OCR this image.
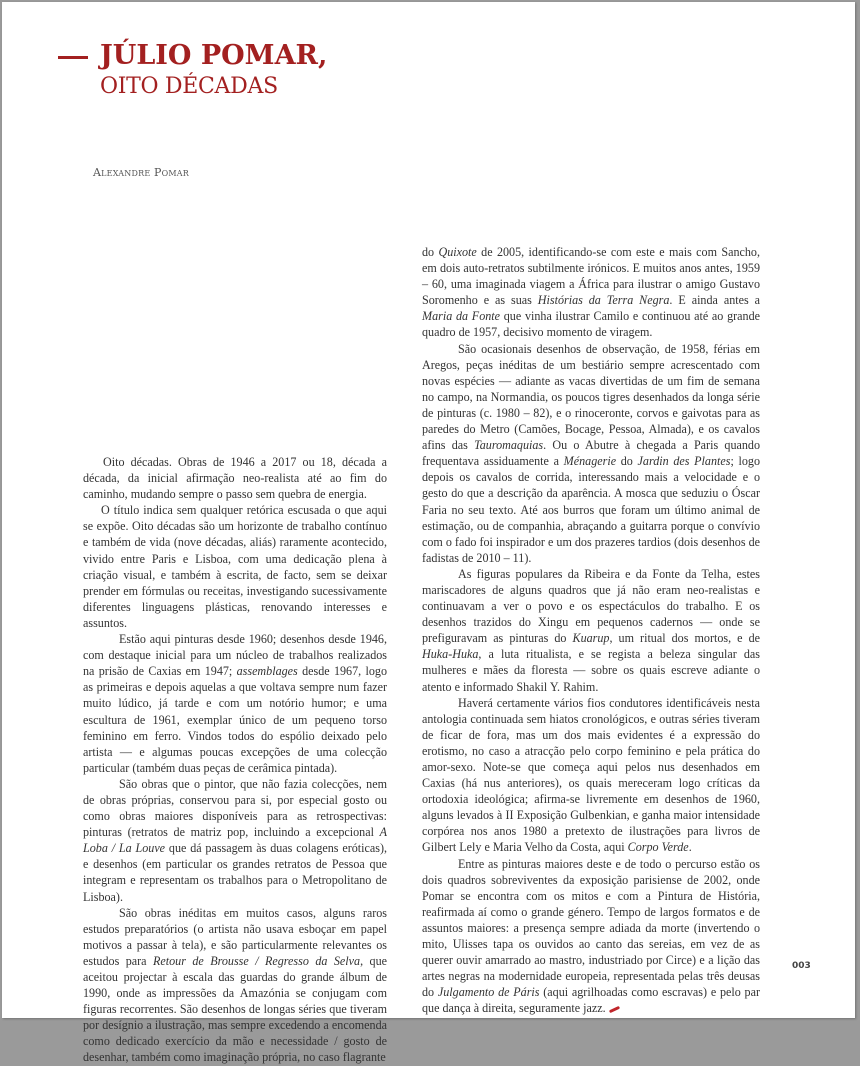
JÚLIO POMAR,
OITO DÉCADAS
Alexandre Pomar

Oito décadas. Obras de 1946 a 2017 ou 18, década a década, da inicial afirmação neo-realista até ao fim do caminho, mudando sempre o passo sem quebra de energia.

O título indica sem qualquer retórica escusada o que aqui se expõe. Oito décadas são um horizonte de trabalho contínuo e também de vida (nove décadas, aliás) raramente acontecido, vivido entre Paris e Lisboa, com uma dedicação plena à criação visual, e também à escrita, de facto, sem se deixar prender em fórmulas ou receitas, investigando sucessivamente diferentes linguagens plásticas, renovando interesses e assuntos.

Estão aqui pinturas desde 1960; desenhos desde 1946, com destaque inicial para um núcleo de trabalhos realizados na prisão de Caxias em 1947; assemblages desde 1967, logo as primeiras e depois aquelas a que voltava sempre num fazer muito lúdico, já tarde e com um notório humor; e uma escultura de 1961, exemplar único de um pequeno torso feminino em ferro. Vindos todos do espólio deixado pelo artista — e algumas poucas excepções de uma colecção particular (também duas peças de cerâmica pintada).

São obras que o pintor, que não fazia colecções, nem de obras próprias, conservou para si, por especial gosto ou como obras maiores disponíveis para as retrospectivas: pinturas (retratos de matriz pop, incluindo a excepcional A Loba / La Louve que dá passagem às duas colagens eróticas), e desenhos (em particular os grandes retratos de Pessoa que integram e representam os trabalhos para o Metropolitano de Lisboa).

São obras inéditas em muitos casos, alguns raros estudos preparatórios (o artista não usava esboçar em papel motivos a passar à tela), e são particularmente relevantes os estudos para Retour de Brousse / Regresso da Selva, que aceitou projectar à escala das guardas do grande álbum de 1990, onde as impressões da Amazónia se conjugam com figuras recorrentes. São desenhos de longas séries que tiveram por desígnio a ilustração, mas sempre excedendo a encomenda como dedicado exercício da mão e necessidade / gosto de desenhar, também como imaginação própria, no caso flagrante

do Quixote de 2005, identificando-se com este e mais com Sancho, em dois auto-retratos subtilmente irónicos. E muitos anos antes, 1959 – 60, uma imaginada viagem a África para ilustrar o amigo Gustavo Soromenho e as suas Histórias da Terra Negra. E ainda antes a Maria da Fonte que vinha ilustrar Camilo e continuou até ao grande quadro de 1957, decisivo momento de viragem.

São ocasionais desenhos de observação, de 1958, férias em Aregos, peças inéditas de um bestiário sempre acrescentado com novas espécies — adiante as vacas divertidas de um fim de semana no campo, na Normandia, os poucos tigres desenhados da longa série de pinturas (c. 1980 – 82), e o rinoceronte, corvos e gaivotas para as paredes do Metro (Camões, Bocage, Pessoa, Almada), e os cavalos afins das Tauromaquias. Ou o Abutre à chegada a Paris quando frequentava assiduamente a Ménagerie do Jardin des Plantes; logo depois os cavalos de corrida, interessando mais a velocidade e o gesto do que a descrição da aparência. A mosca que seduziu o Óscar Faria no seu texto. Até aos burros que foram um último animal de estimação, ou de companhia, abraçando a guitarra porque o convívio com o fado foi inspirador e um dos prazeres tardios (dois desenhos de fadistas de 2010 – 11).

As figuras populares da Ribeira e da Fonte da Telha, estes mariscadores de alguns quadros que já não eram neo-realistas e continuavam a ver o povo e os espectáculos do trabalho. E os desenhos trazidos do Xingu em pequenos cadernos — onde se prefiguravam as pinturas do Kuarup, um ritual dos mortos, e de Huka-Huka, a luta ritualista, e se regista a beleza singular das mulheres e mães da floresta — sobre os quais escreve adiante o atento e informado Shakil Y. Rahim.

Haverá certamente vários fios condutores identificáveis nesta antologia continuada sem hiatos cronológicos, e outras séries tiveram de ficar de fora, mas um dos mais evidentes é a expressão do erotismo, no caso a atracção pelo corpo feminino e pela prática do amor-sexo. Note-se que começa aqui pelos nus desenhados em Caxias (há nus anteriores), os quais mereceram logo críticas da ortodoxia ideológica; afirma-se livremente em desenhos de 1960, alguns levados à II Exposição Gulbenkian, e ganha maior intensidade corpórea nos anos 1980 a pretexto de ilustrações para livros de Gilbert Lely e Maria Velho da Costa, aqui Corpo Verde.

Entre as pinturas maiores deste e de todo o percurso estão os dois quadros sobreviventes da exposição parisiense de 2002, onde Pomar se encontra com os mitos e com a Pintura de História, reafirmada aí como o grande género. Tempo de largos formatos e de assuntos maiores: a presença sempre adiada da morte (invertendo o mito, Ulisses tapa os ouvidos ao canto das sereias, em vez de as querer ouvir amarrado ao mastro, industriado por Circe) e a lição das artes negras na modernidade europeia, representada pelas três deusas do Julgamento de Páris (aqui agrilhoadas como escravas) e pelo par que dança à direita, seguramente jazz.

003
